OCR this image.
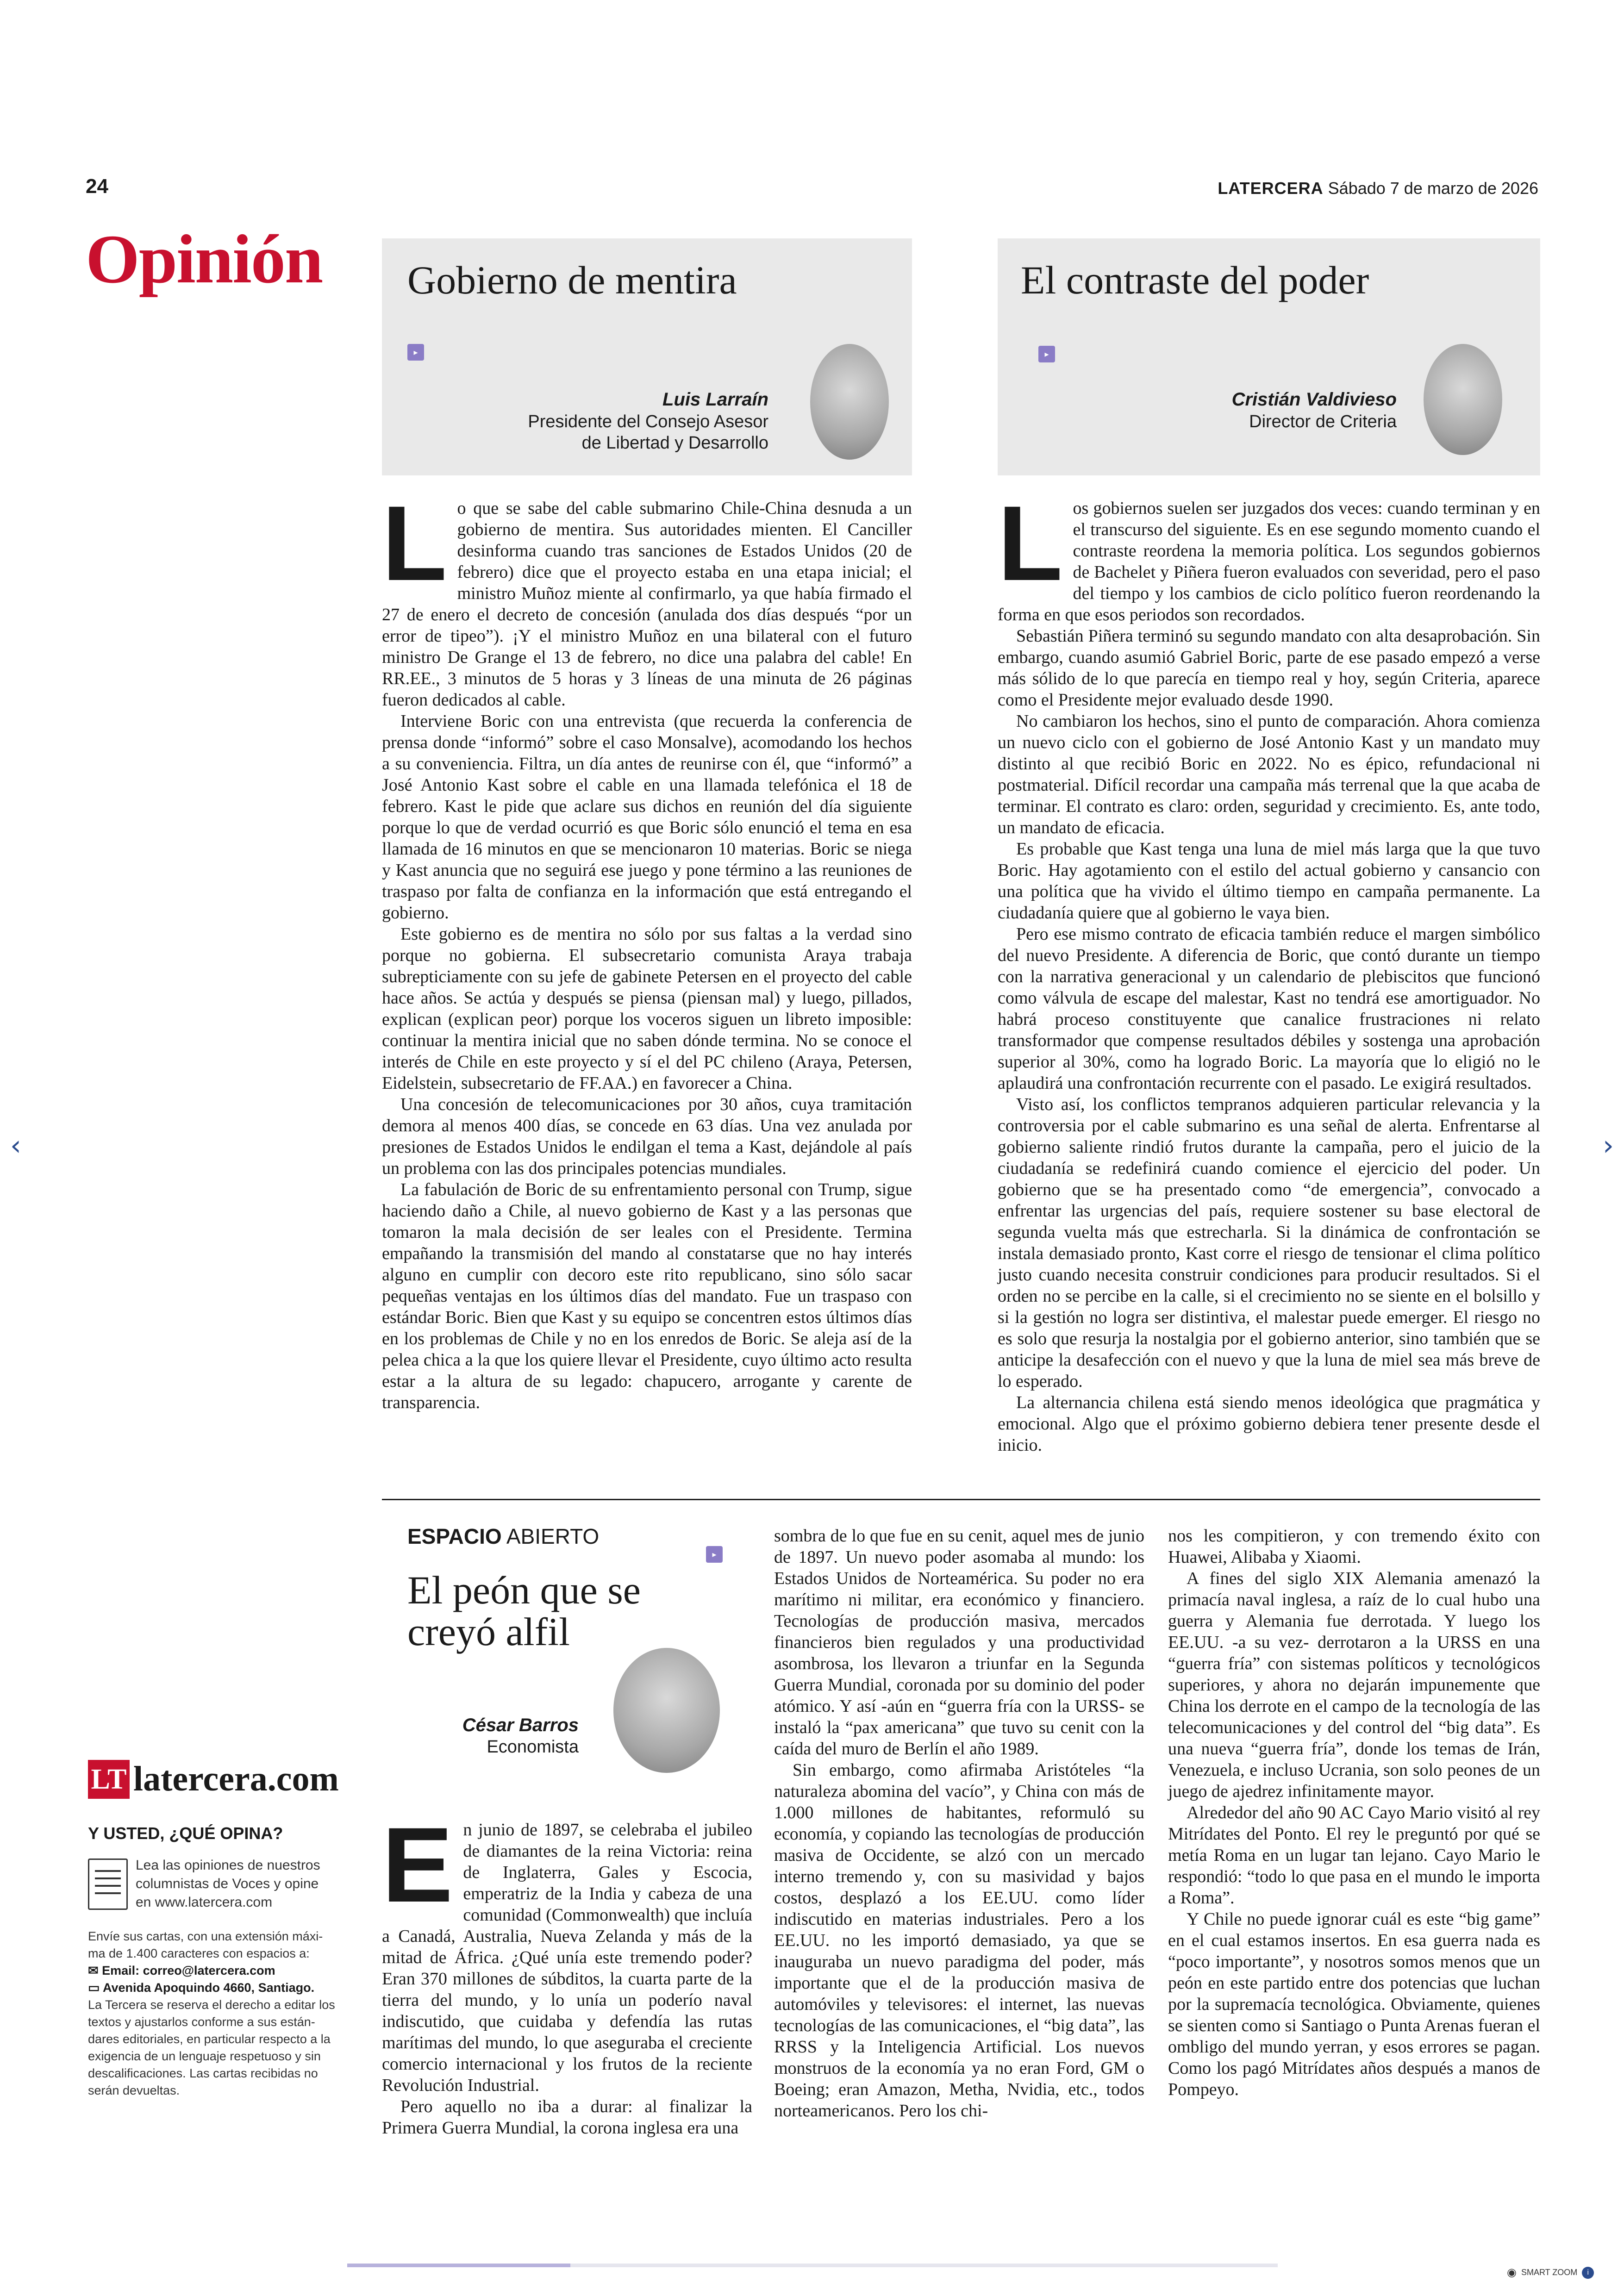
24	LATERCERA Sábado 7 de marzo de 2026
Opinión Gobierno de mentira
▸
Luis Larraín
Presidente del Consejo Asesor
de Libertad y Desarrollo
El contraste del poder
▸
Cristián Valdivieso
Director de Criteria

Lo que se sabe del cable submarino Chile-China desnuda a un gobierno de mentira. Sus autoridades mienten. El Canciller desinforma cuando tras sanciones de Estados Unidos (20 de febrero) dice que el proyecto estaba en una etapa inicial; el ministro Muñoz miente al confirmarlo, ya que había firmado el 27 de enero el decreto de concesión (anulada dos días después “por un error de tipeo”). ¡Y el ministro Muñoz en una bilateral con el futuro ministro De Grange el 13 de febrero, no dice una palabra del cable! En RR.EE., 3 minutos de 5 horas y 3 líneas de una minuta de 26 páginas fueron dedicados al cable.

Interviene Boric con una entrevista (que recuerda la conferencia de prensa donde “informó” sobre el caso Monsalve), acomodando los hechos a su conveniencia. Filtra, un día antes de reunirse con él, que “informó” a José Antonio Kast sobre el cable en una llamada telefónica el 18 de febrero. Kast le pide que aclare sus dichos en reunión del día siguiente porque lo que de verdad ocurrió es que Boric sólo enunció el tema en esa llamada de 16 minutos en que se mencionaron 10 materias. Boric se niega y Kast anuncia que no seguirá ese juego y pone término a las reuniones de traspaso por falta de confianza en la información que está entregando el gobierno.

Este gobierno es de mentira no sólo por sus faltas a la verdad sino porque no gobierna. El subsecretario comunista Araya trabaja subrepticiamente con su jefe de gabinete Petersen en el proyecto del cable hace años. Se actúa y después se piensa (piensan mal) y luego, pillados, explican (explican peor) porque los voceros siguen un libreto imposible: continuar la mentira inicial que no saben dónde termina. No se conoce el interés de Chile en este proyecto y sí el del PC chileno (Araya, Petersen, Eidelstein, subsecretario de FF.AA.) en favorecer a China.

Una concesión de telecomunicaciones por 30 años, cuya tramitación demora al menos 400 días, se concede en 63 días. Una vez anulada por presiones de Estados Unidos le endilgan el tema a Kast, dejándole al país un problema con las dos principales potencias mundiales.

La fabulación de Boric de su enfrentamiento personal con Trump, sigue haciendo daño a Chile, al nuevo gobierno de Kast y a las personas que tomaron la mala decisión de ser leales con el Presidente. Termina empañando la transmisión del mando al constatarse que no hay interés alguno en cumplir con decoro este rito republicano, sino sólo sacar pequeñas ventajas en los últimos días del mandato. Fue un traspaso con estándar Boric. Bien que Kast y su equipo se concentren estos últimos días en los problemas de Chile y no en los enredos de Boric. Se aleja así de la pelea chica a la que los quiere llevar el Presidente, cuyo último acto resulta estar a la altura de su legado: chapucero, arrogante y carente de transparencia.

Los gobiernos suelen ser juzgados dos veces: cuando terminan y en el transcurso del siguiente. Es en ese segundo momento cuando el contraste reordena la memoria política. Los segundos gobiernos de Bachelet y Piñera fueron evaluados con severidad, pero el paso del tiempo y los cambios de ciclo político fueron reordenando la forma en que esos periodos son recordados.

Sebastián Piñera terminó su segundo mandato con alta desaprobación. Sin embargo, cuando asumió Gabriel Boric, parte de ese pasado empezó a verse más sólido de lo que parecía en tiempo real y hoy, según Criteria, aparece como el Presidente mejor evaluado desde 1990.

No cambiaron los hechos, sino el punto de comparación. Ahora comienza un nuevo ciclo con el gobierno de José Antonio Kast y un mandato muy distinto al que recibió Boric en 2022. No es épico, refundacional ni postmaterial. Difícil recordar una campaña más terrenal que la que acaba de terminar. El contrato es claro: orden, seguridad y crecimiento. Es, ante todo, un mandato de eficacia.

Es probable que Kast tenga una luna de miel más larga que la que tuvo Boric. Hay agotamiento con el estilo del actual gobierno y cansancio con una política que ha vivido el último tiempo en campaña permanente. La ciudadanía quiere que al gobierno le vaya bien.

Pero ese mismo contrato de eficacia también reduce el margen simbólico del nuevo Presidente. A diferencia de Boric, que contó durante un tiempo con la narrativa generacional y un calendario de plebiscitos que funcionó como válvula de escape del malestar, Kast no tendrá ese amortiguador. No habrá proceso constituyente que canalice frustraciones ni relato transformador que compense resultados débiles y sostenga una aprobación superior al 30%, como ha logrado Boric. La mayoría que lo eligió no le aplaudirá una confrontación recurrente con el pasado. Le exigirá resultados.

Visto así, los conflictos tempranos adquieren particular relevancia y la controversia por el cable submarino es una señal de alerta. Enfrentarse al gobierno saliente rindió frutos durante la campaña, pero el juicio de la ciudadanía se redefinirá cuando comience el ejercicio del poder. Un gobierno que se ha presentado como “de emergencia”, convocado a enfrentar las urgencias del país, requiere sostener su base electoral de segunda vuelta más que estrecharla. Si la dinámica de confrontación se instala demasiado pronto, Kast corre el riesgo de tensionar el clima político justo cuando necesita construir condiciones para producir resultados. Si el orden no se percibe en la calle, si el crecimiento no se siente en el bolsillo y si la gestión no logra ser distintiva, el malestar puede emerger. El riesgo no es solo que resurja la nostalgia por el gobierno anterior, sino también que se anticipe la desafección con el nuevo y que la luna de miel sea más breve de lo esperado.

La alternancia chilena está siendo menos ideológica que pragmática y emocional. Algo que el próximo gobierno debiera tener presente desde el inicio.

ESPACIO ABIERTO
▸
El peón que se
creyó alfil
César Barros
Economista

En junio de 1897, se celebraba el jubileo de diamantes de la reina Victoria: reina de Inglaterra, Gales y Escocia, emperatriz de la India y cabeza de una comunidad (Commonwealth) que incluía a Canadá, Australia, Nueva Zelanda y más de la mitad de África. ¿Qué unía este tremendo poder? Eran 370 millones de súbditos, la cuarta parte de la tierra del mundo, y lo unía un poderío naval indiscutido, que cuidaba y defendía las rutas marítimas del mundo, lo que aseguraba el creciente comercio internacional y los frutos de la reciente Revolución Industrial.

Pero aquello no iba a durar: al finalizar la Primera Guerra Mundial, la corona inglesa era una

sombra de lo que fue en su cenit, aquel mes de junio de 1897. Un nuevo poder asomaba al mundo: los Estados Unidos de Norteamérica. Su poder no era marítimo ni militar, era económico y financiero. Tecnologías de producción masiva, mercados financieros bien regulados y una productividad asombrosa, los llevaron a triunfar en la Segunda Guerra Mundial, coronada por su dominio del poder atómico. Y así -aún en “guerra fría con la URSS- se instaló la “pax americana” que tuvo su cenit con la caída del muro de Berlín el año 1989.

Sin embargo, como afirmaba Aristóteles “la naturaleza abomina del vacío”, y China con más de 1.000 millones de habitantes, reformuló su economía, y copiando las tecnologías de producción masiva de Occidente, se alzó con un mercado interno tremendo y, con su masividad y bajos costos, desplazó a los EE.UU. como líder indiscutido en materias industriales. Pero a los EE.UU. no les importó demasiado, ya que se inauguraba un nuevo paradigma del poder, más importante que el de la producción masiva de automóviles y televisores: el internet, las nuevas tecnologías de las comunicaciones, el “big data”, las RRSS y la Inteligencia Artificial. Los nuevos monstruos de la economía ya no eran Ford, GM o Boeing; eran Amazon, Metha, Nvidia, etc., todos norteamericanos. Pero los chi-

nos les compitieron, y con tremendo éxito con Huawei, Alibaba y Xiaomi.

A fines del siglo XIX Alemania amenazó la primacía naval inglesa, a raíz de lo cual hubo una guerra y Alemania fue derrotada. Y luego los EE.UU. -a su vez- derrotaron a la URSS en una “guerra fría” con sistemas políticos y tecnológicos superiores, y ahora no dejarán impunemente que China los derrote en el campo de la tecnología de las telecomunicaciones y del control del “big data”. Es una nueva “guerra fría”, donde los temas de Irán, Venezuela, e incluso Ucrania, son solo peones de un juego de ajedrez infinitamente mayor.

Alrededor del año 90 AC Cayo Mario visitó al rey Mitrídates del Ponto. El rey le preguntó por qué se metía Roma en un lugar tan lejano. Cayo Mario le respondió: “todo lo que pasa en el mundo le importa a Roma”.

Y Chile no puede ignorar cuál es este “big game” en el cual estamos insertos. En esa guerra nada es “poco importante”, y nosotros somos menos que un peón en este partido entre dos potencias que luchan por la supremacía tecnológica. Obviamente, quienes se sienten como si Santiago o Punta Arenas fueran el ombligo del mundo yerran, y esos errores se pagan. Como los pagó Mitrídates años después a manos de Pompeyo.

LT latercera.com
Y USTED, ¿QUÉ OPINA?
Lea las opiniones de nuestros
columnistas de Voces y opine
en www.latercera.com
Envíe sus cartas, con una extensión máxi-
ma de 1.400 caracteres con espacios a:
✉ Email: correo@latercera.com
▭ Avenida Apoquindo 4660, Santiago.
La Tercera se reserva el derecho a editar los
textos y ajustarlos conforme a sus están-
dares editoriales, en particular respecto a la
exigencia de un lenguaje respetuoso y sin
descalificaciones. Las cartas recibidas no
serán devueltas.
‹	›
◉ SMART ZOOM	i
